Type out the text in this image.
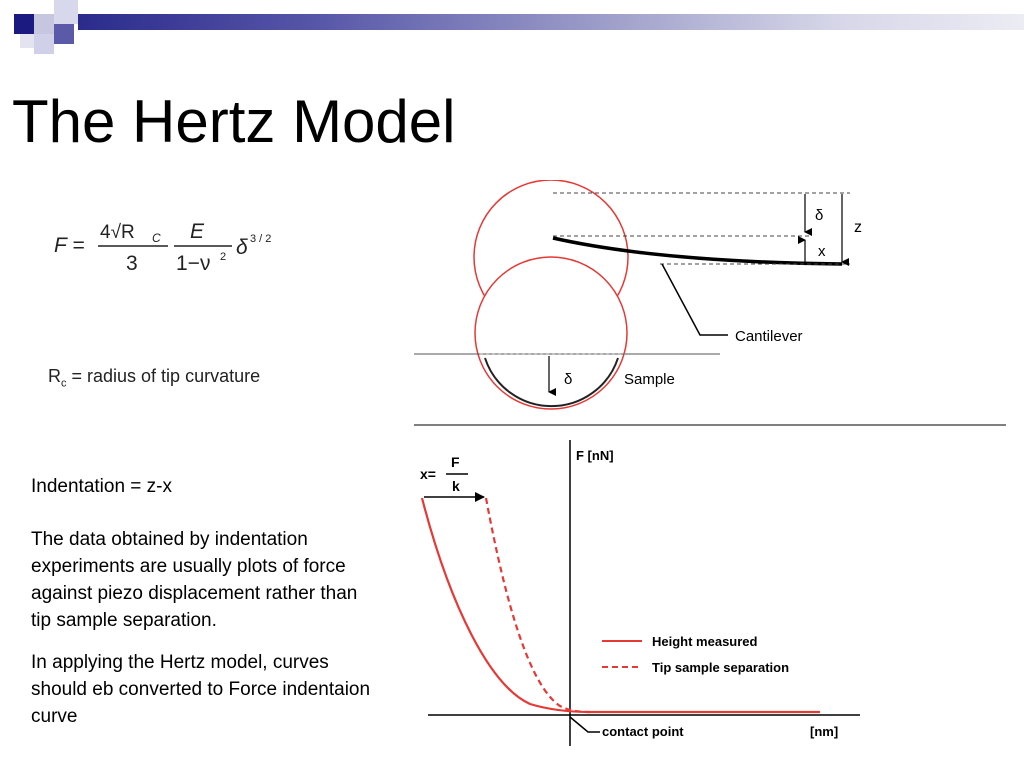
The Hertz Model
F =
4√R C
3
E
1−ν 2 δ 3 / 2
$R_c$ = radius of tip curvature

Indentation = z-x

The data obtained by indentation experiments are usually plots of force against piezo displacement rather than tip sample separation.

In applying the Hertz model, curves should eb converted to Force indentaion curve

δ
x
z
Cantilever
δ	Sample
F [nN]
[nm]
x=
F
k
contact point
Height measured
Tip sample separation
